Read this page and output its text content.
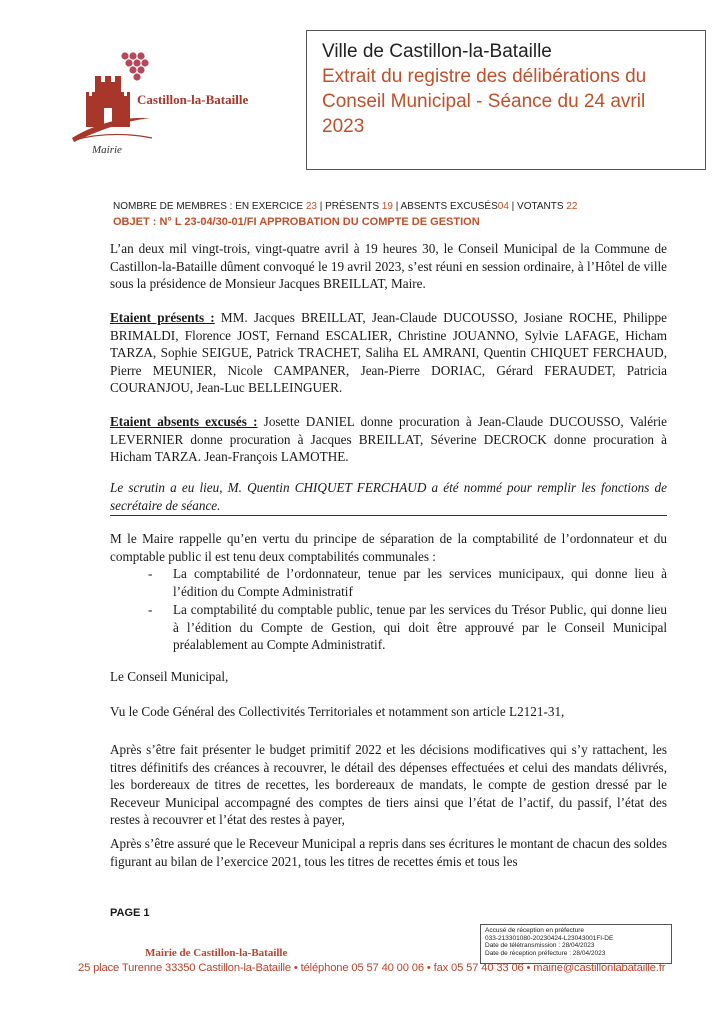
Castillon-la-Bataille
Mairie
Ville de Castillon-la-Bataille
Extrait du registre des délibérations du
Conseil Municipal - Séance du 24 avril
2023
NOMBRE DE MEMBRES : EN EXERCICE 23 | PRÉSENTS 19 | ABSENTS EXCUSÉS04 | VOTANTS 22
OBJET : N° L 23-04/30-01/FI APPROBATION DU COMPTE DE GESTION
L’an deux mil vingt-trois, vingt-quatre avril à 19 heures 30, le Conseil Municipal de la Commune de Castillon-la-Bataille dûment convoqué le 19 avril 2023, s’est réuni en session ordinaire, à l’Hôtel de ville sous la présidence de Monsieur Jacques BREILLAT, Maire.
Etaient présents : MM. Jacques BREILLAT, Jean-Claude DUCOUSSO, Josiane ROCHE, Philippe BRIMALDI, Florence JOST, Fernand ESCALIER, Christine JOUANNO, Sylvie LAFAGE, Hicham TARZA, Sophie SEIGUE, Patrick TRACHET, Saliha EL AMRANI, Quentin CHIQUET FERCHAUD, Pierre MEUNIER, Nicole CAMPANER, Jean-Pierre DORIAC, Gérard FERAUDET, Patricia COURANJOU, Jean-Luc BELLEINGUER.
Etaient absents excusés : Josette DANIEL donne procuration à Jean-Claude DUCOUSSO, Valérie LEVERNIER donne procuration à Jacques BREILLAT, Séverine DECROCK donne procuration à Hicham TARZA. Jean-François LAMOTHE.
Le scrutin a eu lieu, M. Quentin CHIQUET FERCHAUD a été nommé pour remplir les fonctions de secrétaire de séance.
M le Maire rappelle qu’en vertu du principe de séparation de la comptabilité de l’ordonnateur et du comptable public il est tenu deux comptabilités communales :
- La comptabilité de l’ordonnateur, tenue par les services municipaux, qui donne lieu à l’édition du Compte Administratif
- La comptabilité du comptable public, tenue par les services du Trésor Public, qui donne lieu à l’édition du Compte de Gestion, qui doit être approuvé par le Conseil Municipal préalablement au Compte Administratif.
Le Conseil Municipal,
Vu le Code Général des Collectivités Territoriales et notamment son article L2121-31,
Après s’être fait présenter le budget primitif 2022 et les décisions modificatives qui s’y rattachent, les titres définitifs des créances à recouvrer, le détail des dépenses effectuées et celui des mandats délivrés, les bordereaux de titres de recettes, les bordereaux de mandats, le compte de gestion dressé par le Receveur Municipal accompagné des comptes de tiers ainsi que l’état de l’actif, du passif, l’état des restes à recouvrer et l’état des restes à payer,
Après s’être assuré que le Receveur Municipal a repris dans ses écritures le montant de chacun des soldes figurant au bilan de l’exercice 2021, tous les titres de recettes émis et tous les
PAGE 1
Accusé de réception en préfecture
033-213301080-20230424-L23043001FI-DE
Date de télétransmission : 28/04/2023
Date de réception préfecture : 28/04/2023
Mairie de Castillon-la-Bataille
25 place Turenne 33350 Castillon-la-Bataille • téléphone 05 57 40 00 06 • fax 05 57 40 33 06 • mairie@castillonlabataille.fr
